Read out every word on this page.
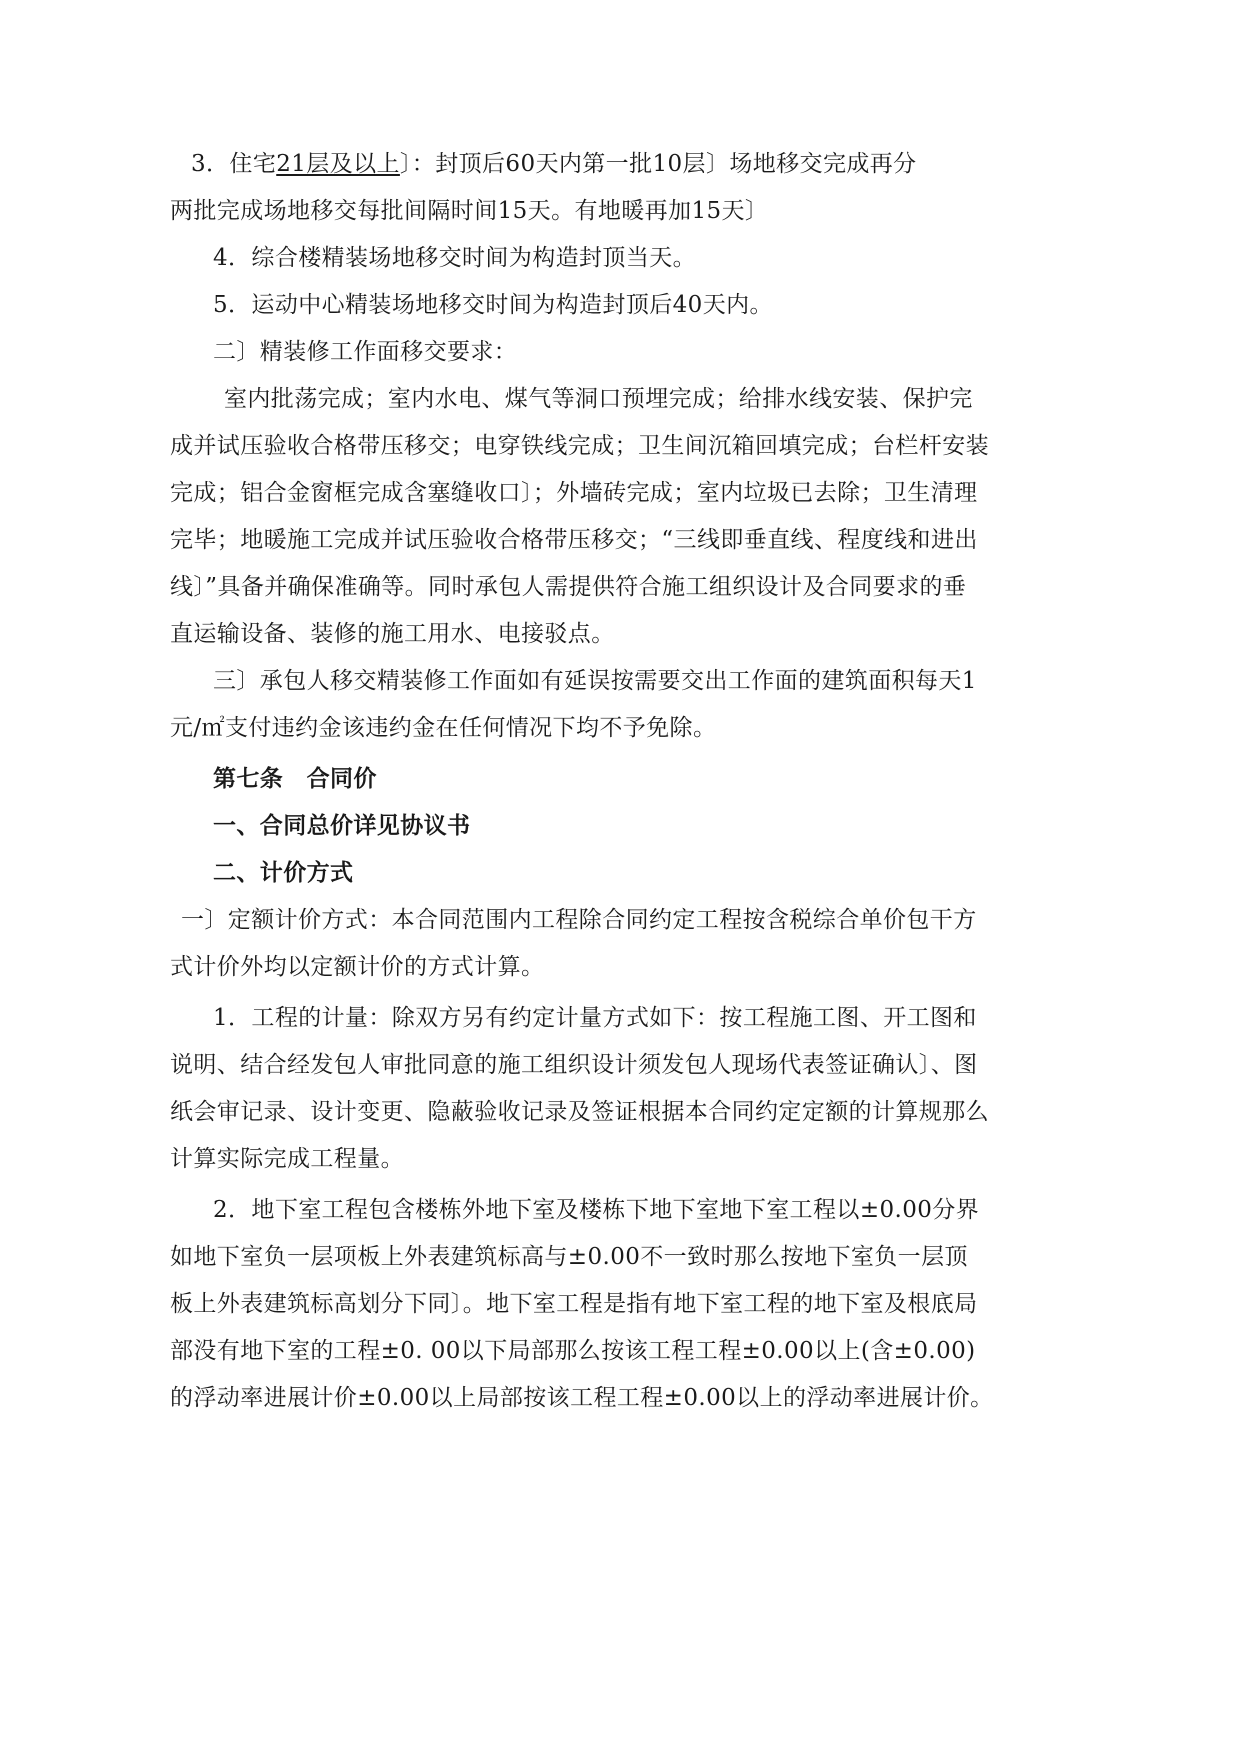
3．住宅21层及以上〕：封顶后60天内第一批10层〕场地移交完成再分
两批完成场地移交每批间隔时间15天。有地暖再加15天〕
4．综合楼精装场地移交时间为构造封顶当天。
5．运动中心精装场地移交时间为构造封顶后40天内。
二〕精装修工作面移交要求：
室内批荡完成；室内水电、煤气等洞口预埋完成；给排水线安装、保护完
成并试压验收合格带压移交；电穿铁线完成；卫生间沉箱回填完成；台栏杆安装
完成；铝合金窗框完成含塞缝收口〕；外墙砖完成；室内垃圾已去除；卫生清理
完毕；地暖施工完成并试压验收合格带压移交；“三线即垂直线、程度线和进出
线〕”具备并确保准确等。同时承包人需提供符合施工组织设计及合同要求的垂
直运输设备、装修的施工用水、电接驳点。
三〕承包人移交精装修工作面如有延误按需要交出工作面的建筑面积每天1
元/㎡支付违约金该违约金在任何情况下均不予免除。
第七条　合同价
一、合同总价详见协议书
二、计价方式
一〕定额计价方式：本合同范围内工程除合同约定工程按含税综合单价包干方
式计价外均以定额计价的方式计算。
1．工程的计量：除双方另有约定计量方式如下：按工程施工图、开工图和
说明、结合经发包人审批同意的施工组织设计须发包人现场代表签证确认〕、图
纸会审记录、设计变更、隐蔽验收记录及签证根据本合同约定定额的计算规那么
计算实际完成工程量。
2．地下室工程包含楼栋外地下室及楼栋下地下室地下室工程以±0.00分界
如地下室负一层项板上外表建筑标高与±0.00不一致时那么按地下室负一层顶
板上外表建筑标高划分下同〕。地下室工程是指有地下室工程的地下室及根底局
部没有地下室的工程±0. 00以下局部那么按该工程工程±0.00以上(含±0.00)
的浮动率进展计价±0.00以上局部按该工程工程±0.00以上的浮动率进展计价。
